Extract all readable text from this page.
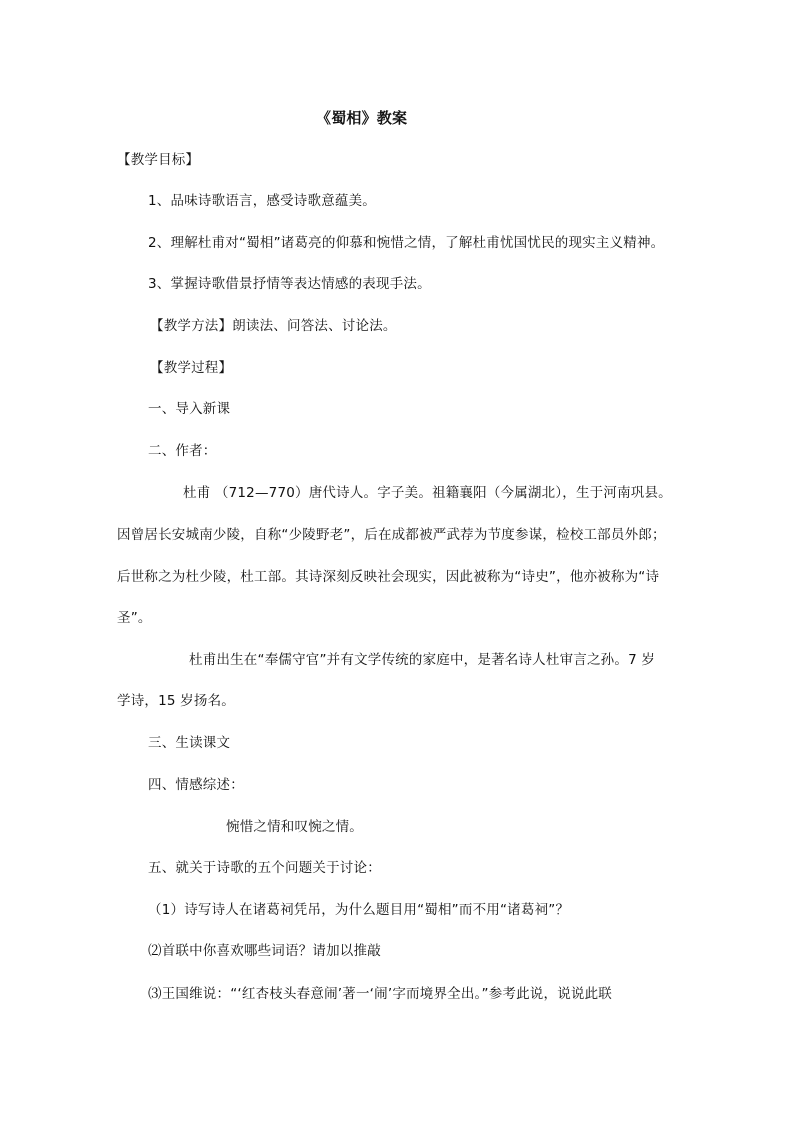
《蜀相》教案
【教学目标】
1、品味诗歌语言，感受诗歌意蕴美。
2、理解杜甫对“蜀相”诸葛亮的仰慕和惋惜之情，了解杜甫忧国忧民的现实主义精神。
3、掌握诗歌借景抒情等表达情感的表现手法。
【教学方法】朗读法、问答法、讨论法。
【教学过程】
一、导入新课
二、作者：
杜甫 （712—770）唐代诗人。字子美。祖籍襄阳（今属湖北），生于河南巩县。
因曾居长安城南少陵，自称“少陵野老”，后在成都被严武荐为节度参谋，检校工部员外郎；
后世称之为杜少陵，杜工部。其诗深刻反映社会现实，因此被称为“诗史”，他亦被称为“诗
圣”。
杜甫出生在“奉儒守官”并有文学传统的家庭中，是著名诗人杜审言之孙。7 岁
学诗，15 岁扬名。
三、生读课文
四、情感综述：
惋惜之情和叹惋之情。
五、就关于诗歌的五个问题关于讨论：
（1）诗写诗人在诸葛祠凭吊，为什么题目用“蜀相”而不用“诸葛祠”？
⑵首联中你喜欢哪些词语？请加以推敲
⑶王国维说：“‘红杏枝头春意闹’著一‘闹’字而境界全出。”参考此说，说说此联
